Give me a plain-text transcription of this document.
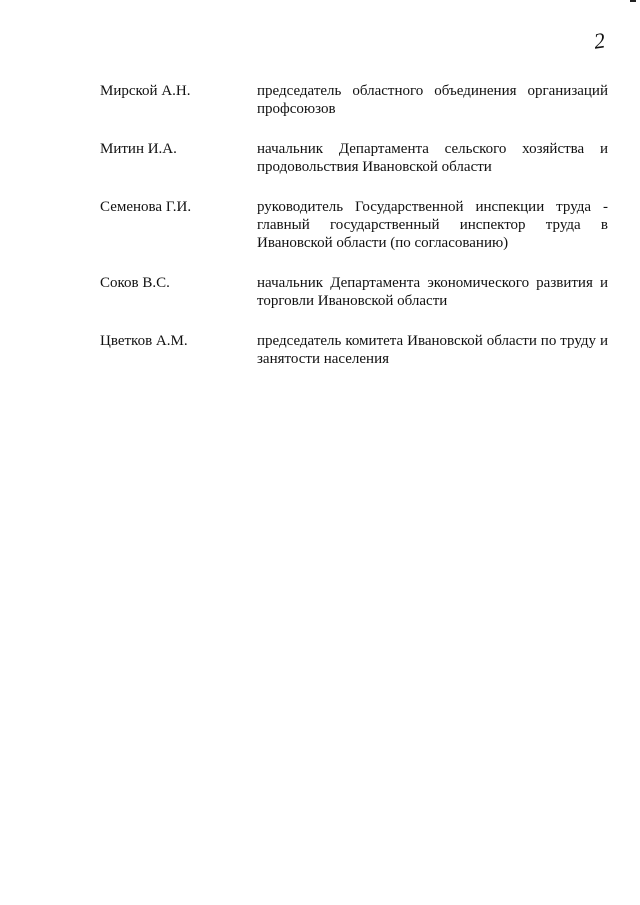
2
Мирской А.Н.	председатель областного объединения организаций профсоюзов
Митин И.А.	начальник Департамента сельского хозяйства и продовольствия Ивановской области
Семенова Г.И.	руководитель Государственной инспекции труда - главный государственный инспектор труда в Ивановской области (по согласованию)
Соков В.С.	начальник Департамента экономического развития и торговли Ивановской области
Цветков А.М.	председатель комитета Ивановской области по труду и занятости населения
